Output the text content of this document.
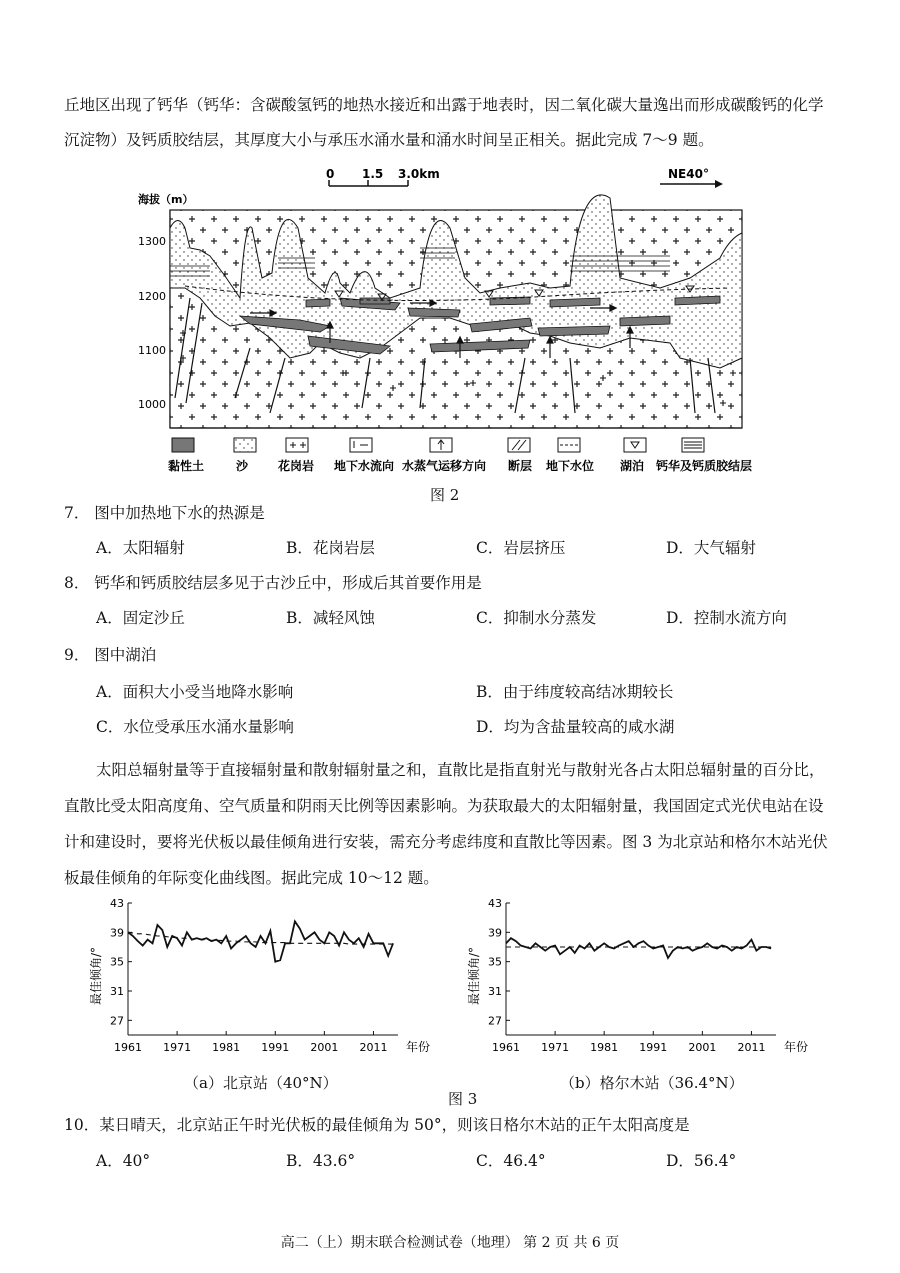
丘地区出现了钙华（钙华：含碳酸氢钙的地热水接近和出露于地表时，因二氧化碳大量逸出而形成碳酸钙的化学
沉淀物）及钙质胶结层，其厚度大小与承压水涌水量和涌水时间呈正相关。据此完成 7～9 题。
0 1.5 3.0km	NE40°
海拔（m）
1300
1200
1100
1000
黏性土	沙 花岗岩 地下水流向 水蒸气运移方向 断层 地下水位 湖泊 钙华及钙质胶结层
图 2
7． 图中加热地下水的热源是
A．太阳辐射	B．花岗岩层	C．岩层挤压	D．大气辐射
8． 钙华和钙质胶结层多见于古沙丘中，形成后其首要作用是
A．固定沙丘	B．减轻风蚀	C．抑制水分蒸发	D．控制水流方向
9． 图中湖泊
A．面积大小受当地降水影响	B．由于纬度较高结冰期较长
C．水位受承压水涌水量影响	D．均为含盐量较高的咸水湖
太阳总辐射量等于直接辐射量和散射辐射量之和，直散比是指直射光与散射光各占太阳总辐射量的百分比，
直散比受太阳高度角、空气质量和阴雨天比例等因素影响。为获取最大的太阳辐射量，我国固定式光伏电站在设
计和建设时，要将光伏板以最佳倾角进行安装，需充分考虑纬度和直散比等因素。图 3 为北京站和格尔木站光伏
板最佳倾角的年际变化曲线图。据此完成 10～12 题。
43
39
35
31
27
1961 1971 1981 1991 2001 2011 年份
最佳倾角/°
43
39
35
31
27
1961 1971 1981 1991 2001 2011 年份
最佳倾角/°
（a）北京站（40°N）	（b）格尔木站（36.4°N）
图 3
10．某日晴天，北京站正午时光伏板的最佳倾角为 50°，则该日格尔木站的正午太阳高度是
A．40°	B．43.6°	C．46.4°	D．56.4°
高二（上）期末联合检测试卷（地理） 第 2 页 共 6 页
